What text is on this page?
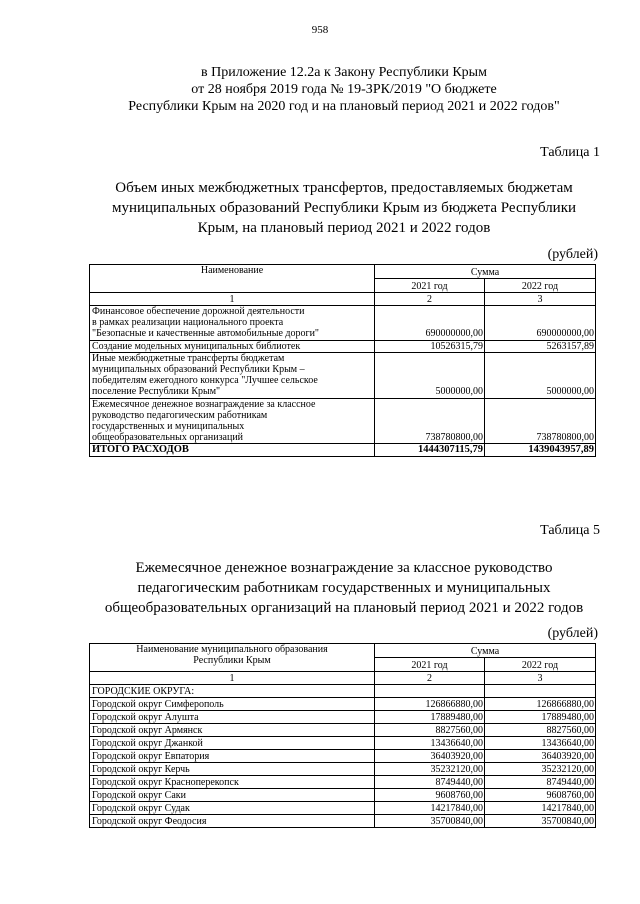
958
в Приложение 12.2а к Закону Республики Крым
от 28 ноября 2019 года № 19-ЗРК/2019 "О бюджете
Республики Крым на 2020 год и на плановый период 2021 и 2022 годов"
Таблица 1
Объем иных межбюджетных трансфертов, предоставляемых бюджетам
муниципальных образований Республики Крым из бюджета Республики
Крым, на плановый период 2021 и 2022 годов
(рублей)
Наименование	Сумма	
	2021 год	2022 год
1	2	3

Финансовое обеспечение дорожной деятельности
в рамках реализации национального проекта
"Безопасные и качественные автомобильные дороги"	690000000,00	690000000,00

Создание модельных муниципальных библиотек	10526315,79	5263157,89

Иные межбюджетные трансферты бюджетам
муниципальных образований Республики Крым –
победителям ежегодного конкурса "Лучшее сельское
поселение Республики Крым"	5000000,00	5000000,00

Ежемесячное денежное вознаграждение за классное
руководство педагогическим работникам
государственных и муниципальных
общеобразовательных организаций	738780800,00	738780800,00
ИТОГО РАСХОДОВ	1444307115,79	1439043957,89
Таблица 5
Ежемесячное денежное вознаграждение за классное руководство
педагогическим работникам государственных и муниципальных
общеобразовательных организаций на плановый период 2021 и 2022 годов
(рублей)
Наименование муниципального образования
Республики Крым	Сумма	
	2021 год	2022 год
1	2	3
ГОРОДСКИЕ ОКРУГА:		
Городской округ Симферополь	126866880,00	126866880,00
Городской округ Алушта	17889480,00	17889480,00
Городской округ Армянск	8827560,00	8827560,00
Городской округ Джанкой	13436640,00	13436640,00
Городской округ Евпатория	36403920,00	36403920,00
Городской округ Керчь	35232120,00	35232120,00
Городской округ Красноперекопск	8749440,00	8749440,00
Городской округ Саки	9608760,00	9608760,00
Городской округ Судак	14217840,00	14217840,00
Городской округ Феодосия	35700840,00	35700840,00
